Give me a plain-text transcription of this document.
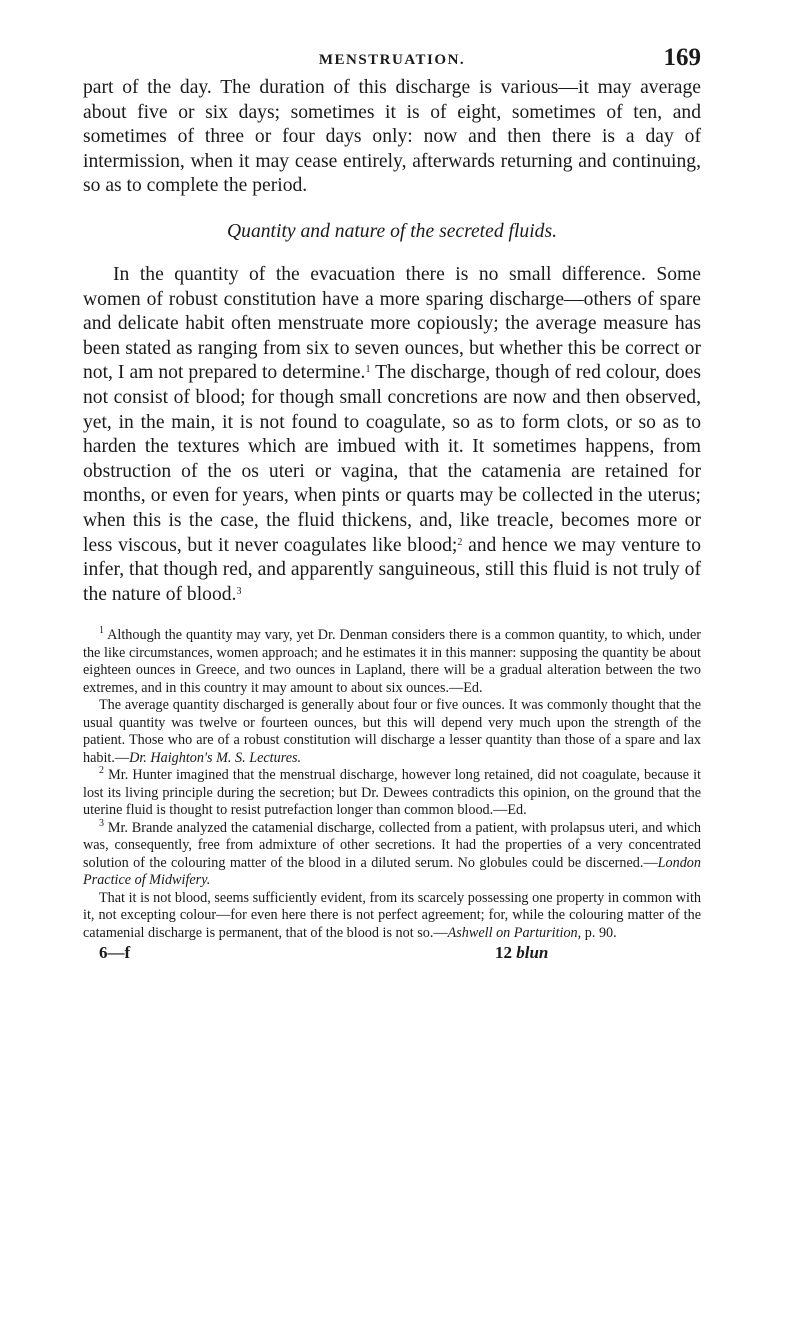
MENSTRUATION.	169

part of the day. The duration of this discharge is various—it may average about five or six days; sometimes it is of eight, sometimes of ten, and sometimes of three or four days only: now and then there is a day of intermission, when it may cease entirely, afterwards returning and continuing, so as to complete the period.

Quantity and nature of the secreted fluids.

In the quantity of the evacuation there is no small difference. Some women of robust constitution have a more sparing discharge—others of spare and delicate habit often menstruate more copiously; the average measure has been stated as ranging from six to seven ounces, but whether this be correct or not, I am not prepared to determine.$^1$ The discharge, though of red colour, does not consist of blood; for though small concretions are now and then observed, yet, in the main, it is not found to coagulate, so as to form clots, or so as to harden the textures which are imbued with it. It sometimes happens, from obstruction of the os uteri or vagina, that the catamenia are retained for months, or even for years, when pints or quarts may be collected in the uterus; when this is the case, the fluid thickens, and, like treacle, becomes more or less viscous, but it never coagulates like blood;$^2$ and hence we may venture to infer, that though red, and apparently sanguineous, still this fluid is not truly of the nature of blood.$^3$

$^1$ Although the quantity may vary, yet Dr. Denman considers there is a common quantity, to which, under the like circumstances, women approach; and he estimates it in this manner: supposing the quantity be about eighteen ounces in Greece, and two ounces in Lapland, there will be a gradual alteration between the two extremes, and in this country it may amount to about six ounces.—Ed.

The average quantity discharged is generally about four or five ounces. It was commonly thought that the usual quantity was twelve or fourteen ounces, but this will depend very much upon the strength of the patient. Those who are of a robust constitution will discharge a lesser quantity than those of a spare and lax habit.—Dr. Haighton's M. S. Lectures.

$^2$ Mr. Hunter imagined that the menstrual discharge, however long retained, did not coagulate, because it lost its living principle during the secretion; but Dr. Dewees contradicts this opinion, on the ground that the uterine fluid is thought to resist putrefaction longer than common blood.—Ed.

$^3$ Mr. Brande analyzed the catamenial discharge, collected from a patient, with prolapsus uteri, and which was, consequently, free from admixture of other secretions. It had the properties of a very concentrated solution of the colouring matter of the blood in a diluted serum. No globules could be discerned.—London Practice of Midwifery.

That it is not blood, seems sufficiently evident, from its scarcely possessing one property in common with it, not excepting colour—for even here there is not perfect agreement; for, while the colouring matter of the catamenial discharge is permanent, that of the blood is not so.—Ashwell on Parturition, p. 90.

6—f	12 blun
